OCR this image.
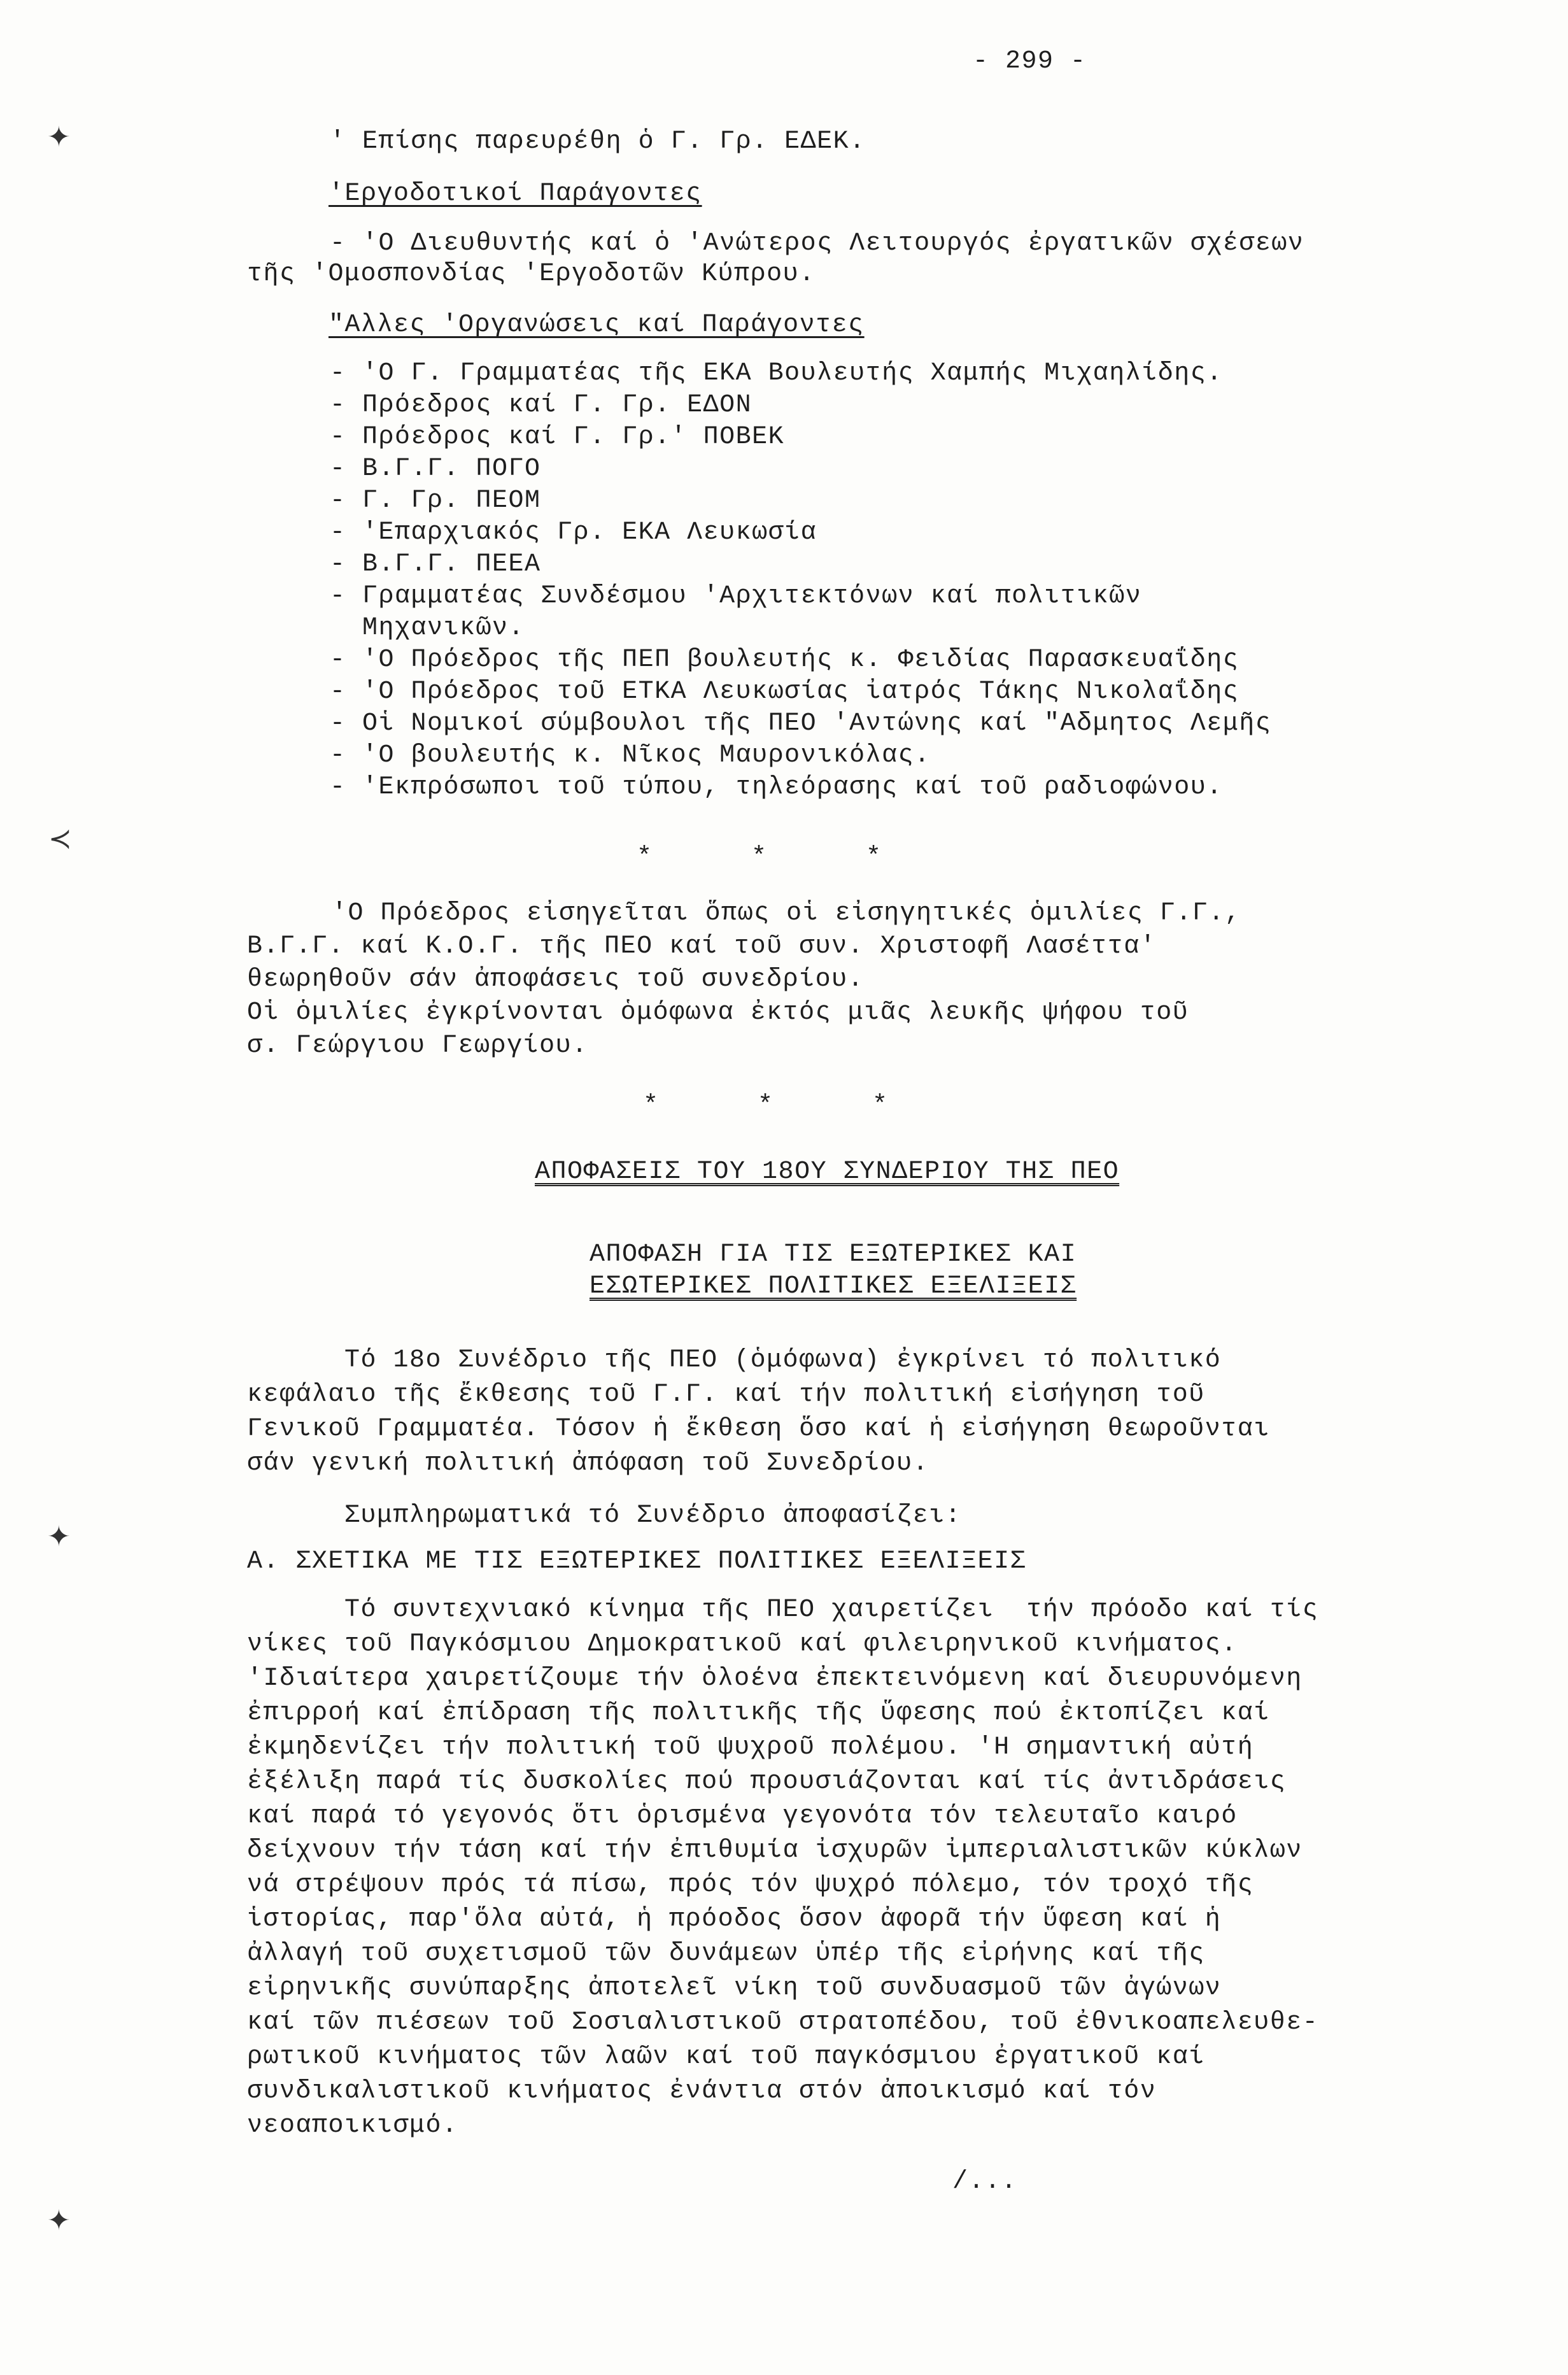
✦
≺
✦
✦
- 299 -
' Επίσης παρευρέθη ὁ Γ. Γρ. ΕΔΕΚ.
'Εργοδοτικοί Παράγοντες
- 'Ο Διευθυντής καί ὁ 'Ανώτερος Λειτουργός ἐργατικῶν σχέσεων
τῆς 'Ομοσπονδίας 'Εργοδοτῶν Κύπρου.
"Αλλες 'Οργανώσεις καί Παράγοντες
- 'Ο Γ. Γραμματέας τῆς ΕΚΑ Βουλευτής Χαμπής Μιχαηλίδης.
- Πρόεδρος καί Γ. Γρ. ΕΔΟΝ
- Πρόεδρος καί Γ. Γρ.' ΠΟΒΕΚ
- Β.Γ.Γ. ΠΟΓΟ
- Γ. Γρ. ΠΕΟΜ
- 'Επαρχιακός Γρ. ΕΚΑ Λευκωσία
- Β.Γ.Γ. ΠΕΕΑ
- Γραμματέας Συνδέσμου 'Αρχιτεκτόνων καί πολιτικῶν
Μηχανικῶν.
- 'Ο Πρόεδρος τῆς ΠΕΠ βουλευτής κ. Φειδίας Παρασκευαΐδης
- 'Ο Πρόεδρος τοῦ ΕΤΚΑ Λευκωσίας ἰατρός Τάκης Νικολαΐδης
- Οἱ Νομικοί σύμβουλοι τῆς ΠΕΟ 'Αντώνης καί "Αδμητος Λεμῆς
- 'Ο βουλευτής κ. Νῖκος Μαυρονικόλας.
- 'Εκπρόσωποι τοῦ τύπου, τηλεόρασης καί τοῦ ραδιοφώνου.
*     *     *
'Ο Πρόεδρος εἰσηγεῖται ὅπως οἱ εἰσηγητικές ὁμιλίες Γ.Γ.,
Β.Γ.Γ. καί Κ.Ο.Γ. τῆς ΠΕΟ καί τοῦ συν. Χριστοφῆ Λασέττα'
θεωρηθοῦν σάν ἀποφάσεις τοῦ συνεδρίου.
Οἱ ὁμιλίες ἐγκρίνονται ὁμόφωνα ἐκτός μιᾶς λευκῆς ψήφου τοῦ
σ. Γεώργιου Γεωργίου.
*     *     *
ΑΠΟΦΑΣΕΙΣ ΤΟΥ 18ΟΥ ΣΥΝΔΕΡΙΟΥ ΤΗΣ ΠΕΟ
ΑΠΟΦΑΣΗ ΓΙΑ ΤΙΣ ΕΞΩΤΕΡΙΚΕΣ ΚΑΙ
ΕΣΩΤΕΡΙΚΕΣ ΠΟΛΙΤΙΚΕΣ ΕΞΕΛΙΞΕΙΣ
Τό 18ο Συνέδριο τῆς ΠΕΟ (ὁμόφωνα) ἐγκρίνει τό πολιτικό
κεφάλαιο τῆς ἔκθεσης τοῦ Γ.Γ. καί τήν πολιτική εἰσήγηση τοῦ
Γενικοῦ Γραμματέα. Τόσον ἡ ἔκθεση ὅσο καί ἡ εἰσήγηση θεωροῦνται
σάν γενική πολιτική ἀπόφαση τοῦ Συνεδρίου.
Συμπληρωματικά τό Συνέδριο ἀποφασίζει:
Α. ΣΧΕΤΙΚΑ ΜΕ ΤΙΣ ΕΞΩΤΕΡΙΚΕΣ ΠΟΛΙΤΙΚΕΣ ΕΞΕΛΙΞΕΙΣ
Τό συντεχνιακό κίνημα τῆς ΠΕΟ χαιρετίζει  τήν πρόοδο καί τίς
νίκες τοῦ Παγκόσμιου Δημοκρατικοῦ καί φιλειρηνικοῦ κινήματος.
'Ιδιαίτερα χαιρετίζουμε τήν ὁλοένα ἐπεκτεινόμενη καί διευρυνόμενη
ἐπιρροή καί ἐπίδραση τῆς πολιτικῆς τῆς ὕφεσης πού ἐκτοπίζει καί
ἐκμηδενίζει τήν πολιτική τοῦ ψυχροῦ πολέμου. 'Η σημαντική αὐτή
ἐξέλιξη παρά τίς δυσκολίες πού προυσιάζονται καί τίς ἀντιδράσεις
καί παρά τό γεγονός ὅτι ὁρισμένα γεγονότα τόν τελευταῖο καιρό
δείχνουν τήν τάση καί τήν ἐπιθυμία ἰσχυρῶν ἰμπεριαλιστικῶν κύκλων
νά στρέψουν πρός τά πίσω, πρός τόν ψυχρό πόλεμο, τόν τροχό τῆς
ἱστορίας, παρ'ὅλα αὐτά, ἡ πρόοδος ὅσον ἀφορᾶ τήν ὕφεση καί ἡ
ἀλλαγή τοῦ συχετισμοῦ τῶν δυνάμεων ὑπέρ τῆς εἰρήνης καί τῆς
εἰρηνικῆς συνύπαρξης ἀποτελεῖ νίκη τοῦ συνδυασμοῦ τῶν ἀγώνων
καί τῶν πιέσεων τοῦ Σοσιαλιστικοῦ στρατοπέδου, τοῦ ἐθνικοαπελευθε-
ρωτικοῦ κινήματος τῶν λαῶν καί τοῦ παγκόσμιου ἐργατικοῦ καί
συνδικαλιστικοῦ κινήματος ἐνάντια στόν ἀποικισμό καί τόν
νεοαποικισμό.
/...
